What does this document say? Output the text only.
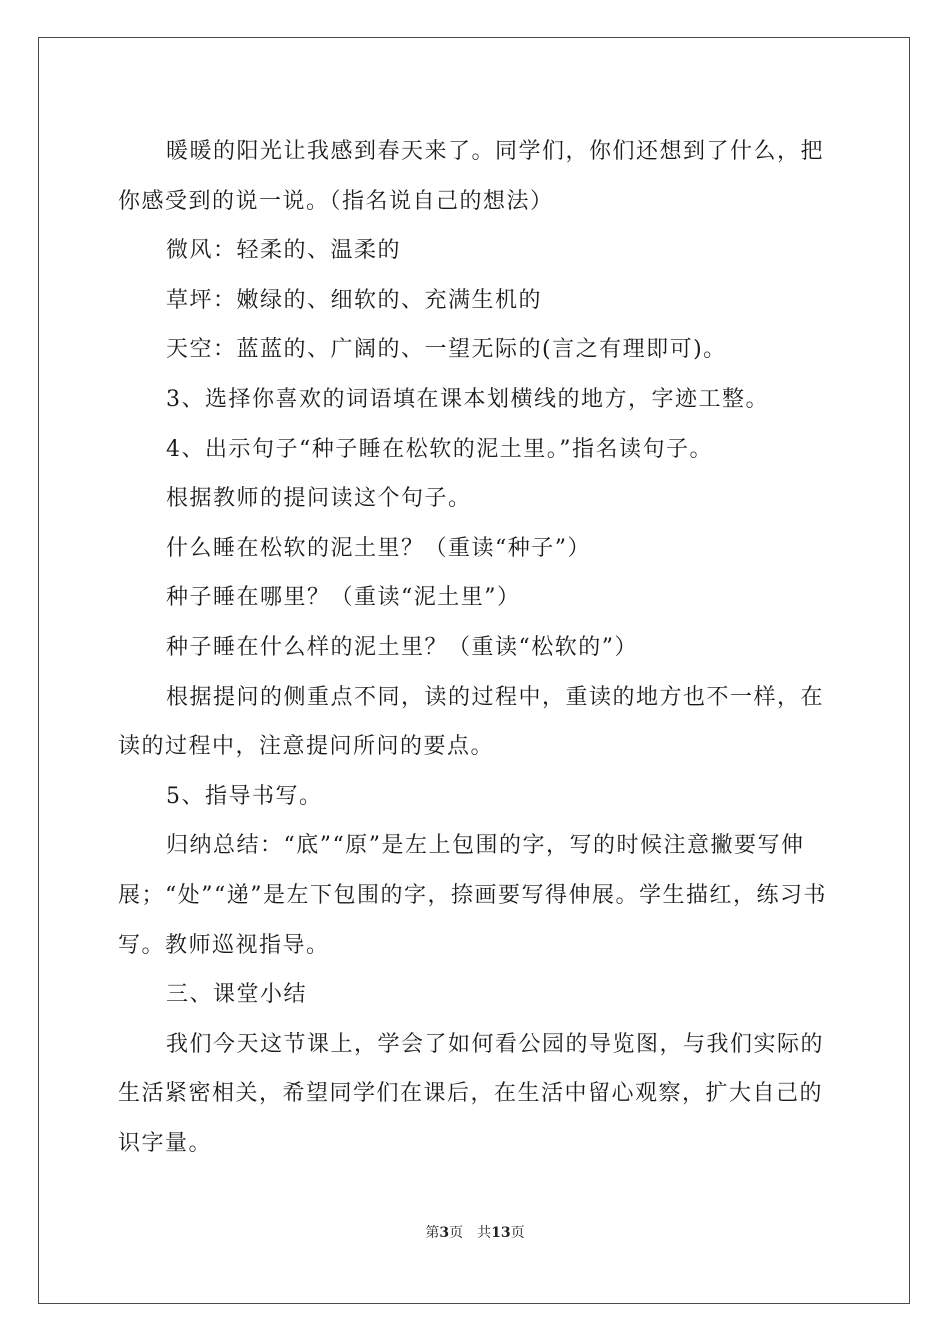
暖暖的阳光让我感到春天来了。同学们，你们还想到了什么，把你感受到的说一说。（指名说自己的想法）

微风：轻柔的、温柔的

草坪：嫩绿的、细软的、充满生机的

天空：蓝蓝的、广阔的、一望无际的(言之有理即可)。

3、选择你喜欢的词语填在课本划横线的地方，字迹工整。

4、出示句子“种子睡在松软的泥土里。”指名读句子。

根据教师的提问读这个句子。

什么睡在松软的泥土里？（重读“种子”）

种子睡在哪里？（重读“泥土里”）

种子睡在什么样的泥土里？（重读“松软的”）

根据提问的侧重点不同，读的过程中，重读的地方也不一样，在读的过程中，注意提问所问的要点。

5、指导书写。

归纳总结：“底”“原”是左上包围的字，写的时候注意撇要写伸展；“处”“递”是左下包围的字，捺画要写得伸展。学生描红，练习书写。教师巡视指导。

三、课堂小结

我们今天这节课上，学会了如何看公园的导览图，与我们实际的生活紧密相关，希望同学们在课后，在生活中留心观察，扩大自己的识字量。

第3页　共13页
